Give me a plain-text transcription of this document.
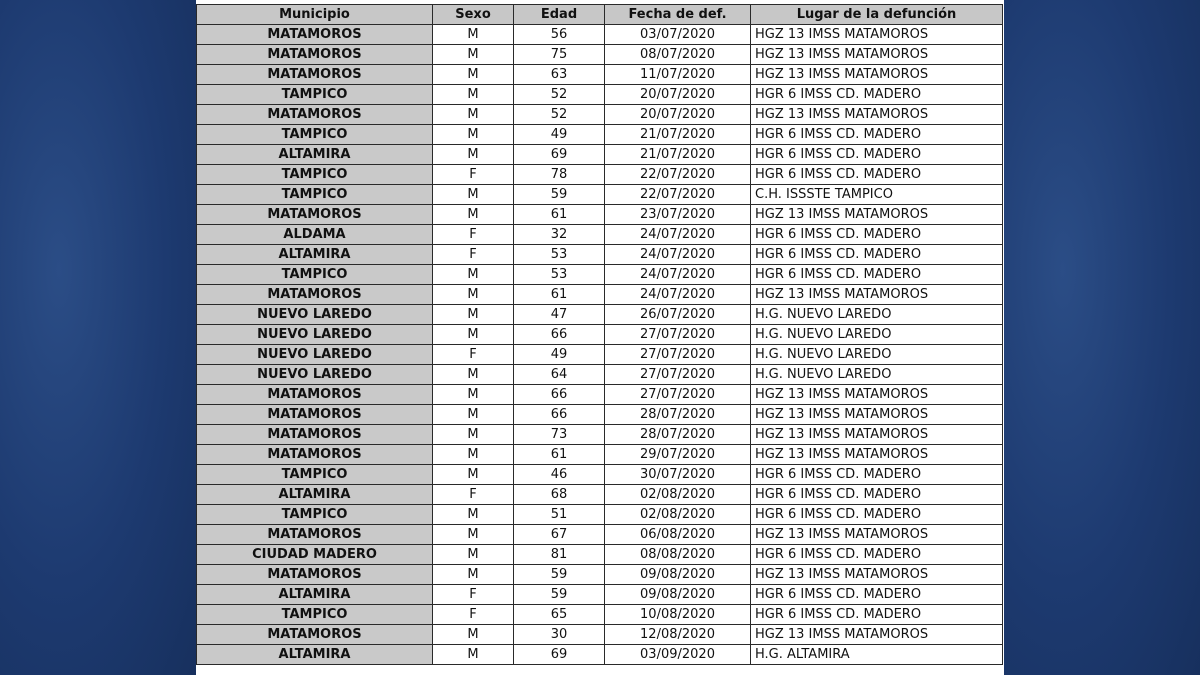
Municipio	Sexo	Edad	Fecha de def.	Lugar de la defunción
MATAMOROS	M	56	03/07/2020	HGZ 13 IMSS MATAMOROS
MATAMOROS	M	75	08/07/2020	HGZ 13 IMSS MATAMOROS
MATAMOROS	M	63	11/07/2020	HGZ 13 IMSS MATAMOROS
TAMPICO	M	52	20/07/2020	HGR 6 IMSS CD. MADERO
MATAMOROS	M	52	20/07/2020	HGZ 13 IMSS MATAMOROS
TAMPICO	M	49	21/07/2020	HGR 6 IMSS CD. MADERO
ALTAMIRA	M	69	21/07/2020	HGR 6 IMSS CD. MADERO
TAMPICO	F	78	22/07/2020	HGR 6 IMSS CD. MADERO
TAMPICO	M	59	22/07/2020	C.H. ISSSTE TAMPICO
MATAMOROS	M	61	23/07/2020	HGZ 13 IMSS MATAMOROS
ALDAMA	F	32	24/07/2020	HGR 6 IMSS CD. MADERO
ALTAMIRA	F	53	24/07/2020	HGR 6 IMSS CD. MADERO
TAMPICO	M	53	24/07/2020	HGR 6 IMSS CD. MADERO
MATAMOROS	M	61	24/07/2020	HGZ 13 IMSS MATAMOROS
NUEVO LAREDO	M	47	26/07/2020	H.G. NUEVO LAREDO
NUEVO LAREDO	M	66	27/07/2020	H.G. NUEVO LAREDO
NUEVO LAREDO	F	49	27/07/2020	H.G. NUEVO LAREDO
NUEVO LAREDO	M	64	27/07/2020	H.G. NUEVO LAREDO
MATAMOROS	M	66	27/07/2020	HGZ 13 IMSS MATAMOROS
MATAMOROS	M	66	28/07/2020	HGZ 13 IMSS MATAMOROS
MATAMOROS	M	73	28/07/2020	HGZ 13 IMSS MATAMOROS
MATAMOROS	M	61	29/07/2020	HGZ 13 IMSS MATAMOROS
TAMPICO	M	46	30/07/2020	HGR 6 IMSS CD. MADERO
ALTAMIRA	F	68	02/08/2020	HGR 6 IMSS CD. MADERO
TAMPICO	M	51	02/08/2020	HGR 6 IMSS CD. MADERO
MATAMOROS	M	67	06/08/2020	HGZ 13 IMSS MATAMOROS
CIUDAD MADERO	M	81	08/08/2020	HGR 6 IMSS CD. MADERO
MATAMOROS	M	59	09/08/2020	HGZ 13 IMSS MATAMOROS
ALTAMIRA	F	59	09/08/2020	HGR 6 IMSS CD. MADERO
TAMPICO	F	65	10/08/2020	HGR 6 IMSS CD. MADERO
MATAMOROS	M	30	12/08/2020	HGZ 13 IMSS MATAMOROS
ALTAMIRA	M	69	03/09/2020	H.G. ALTAMIRA
